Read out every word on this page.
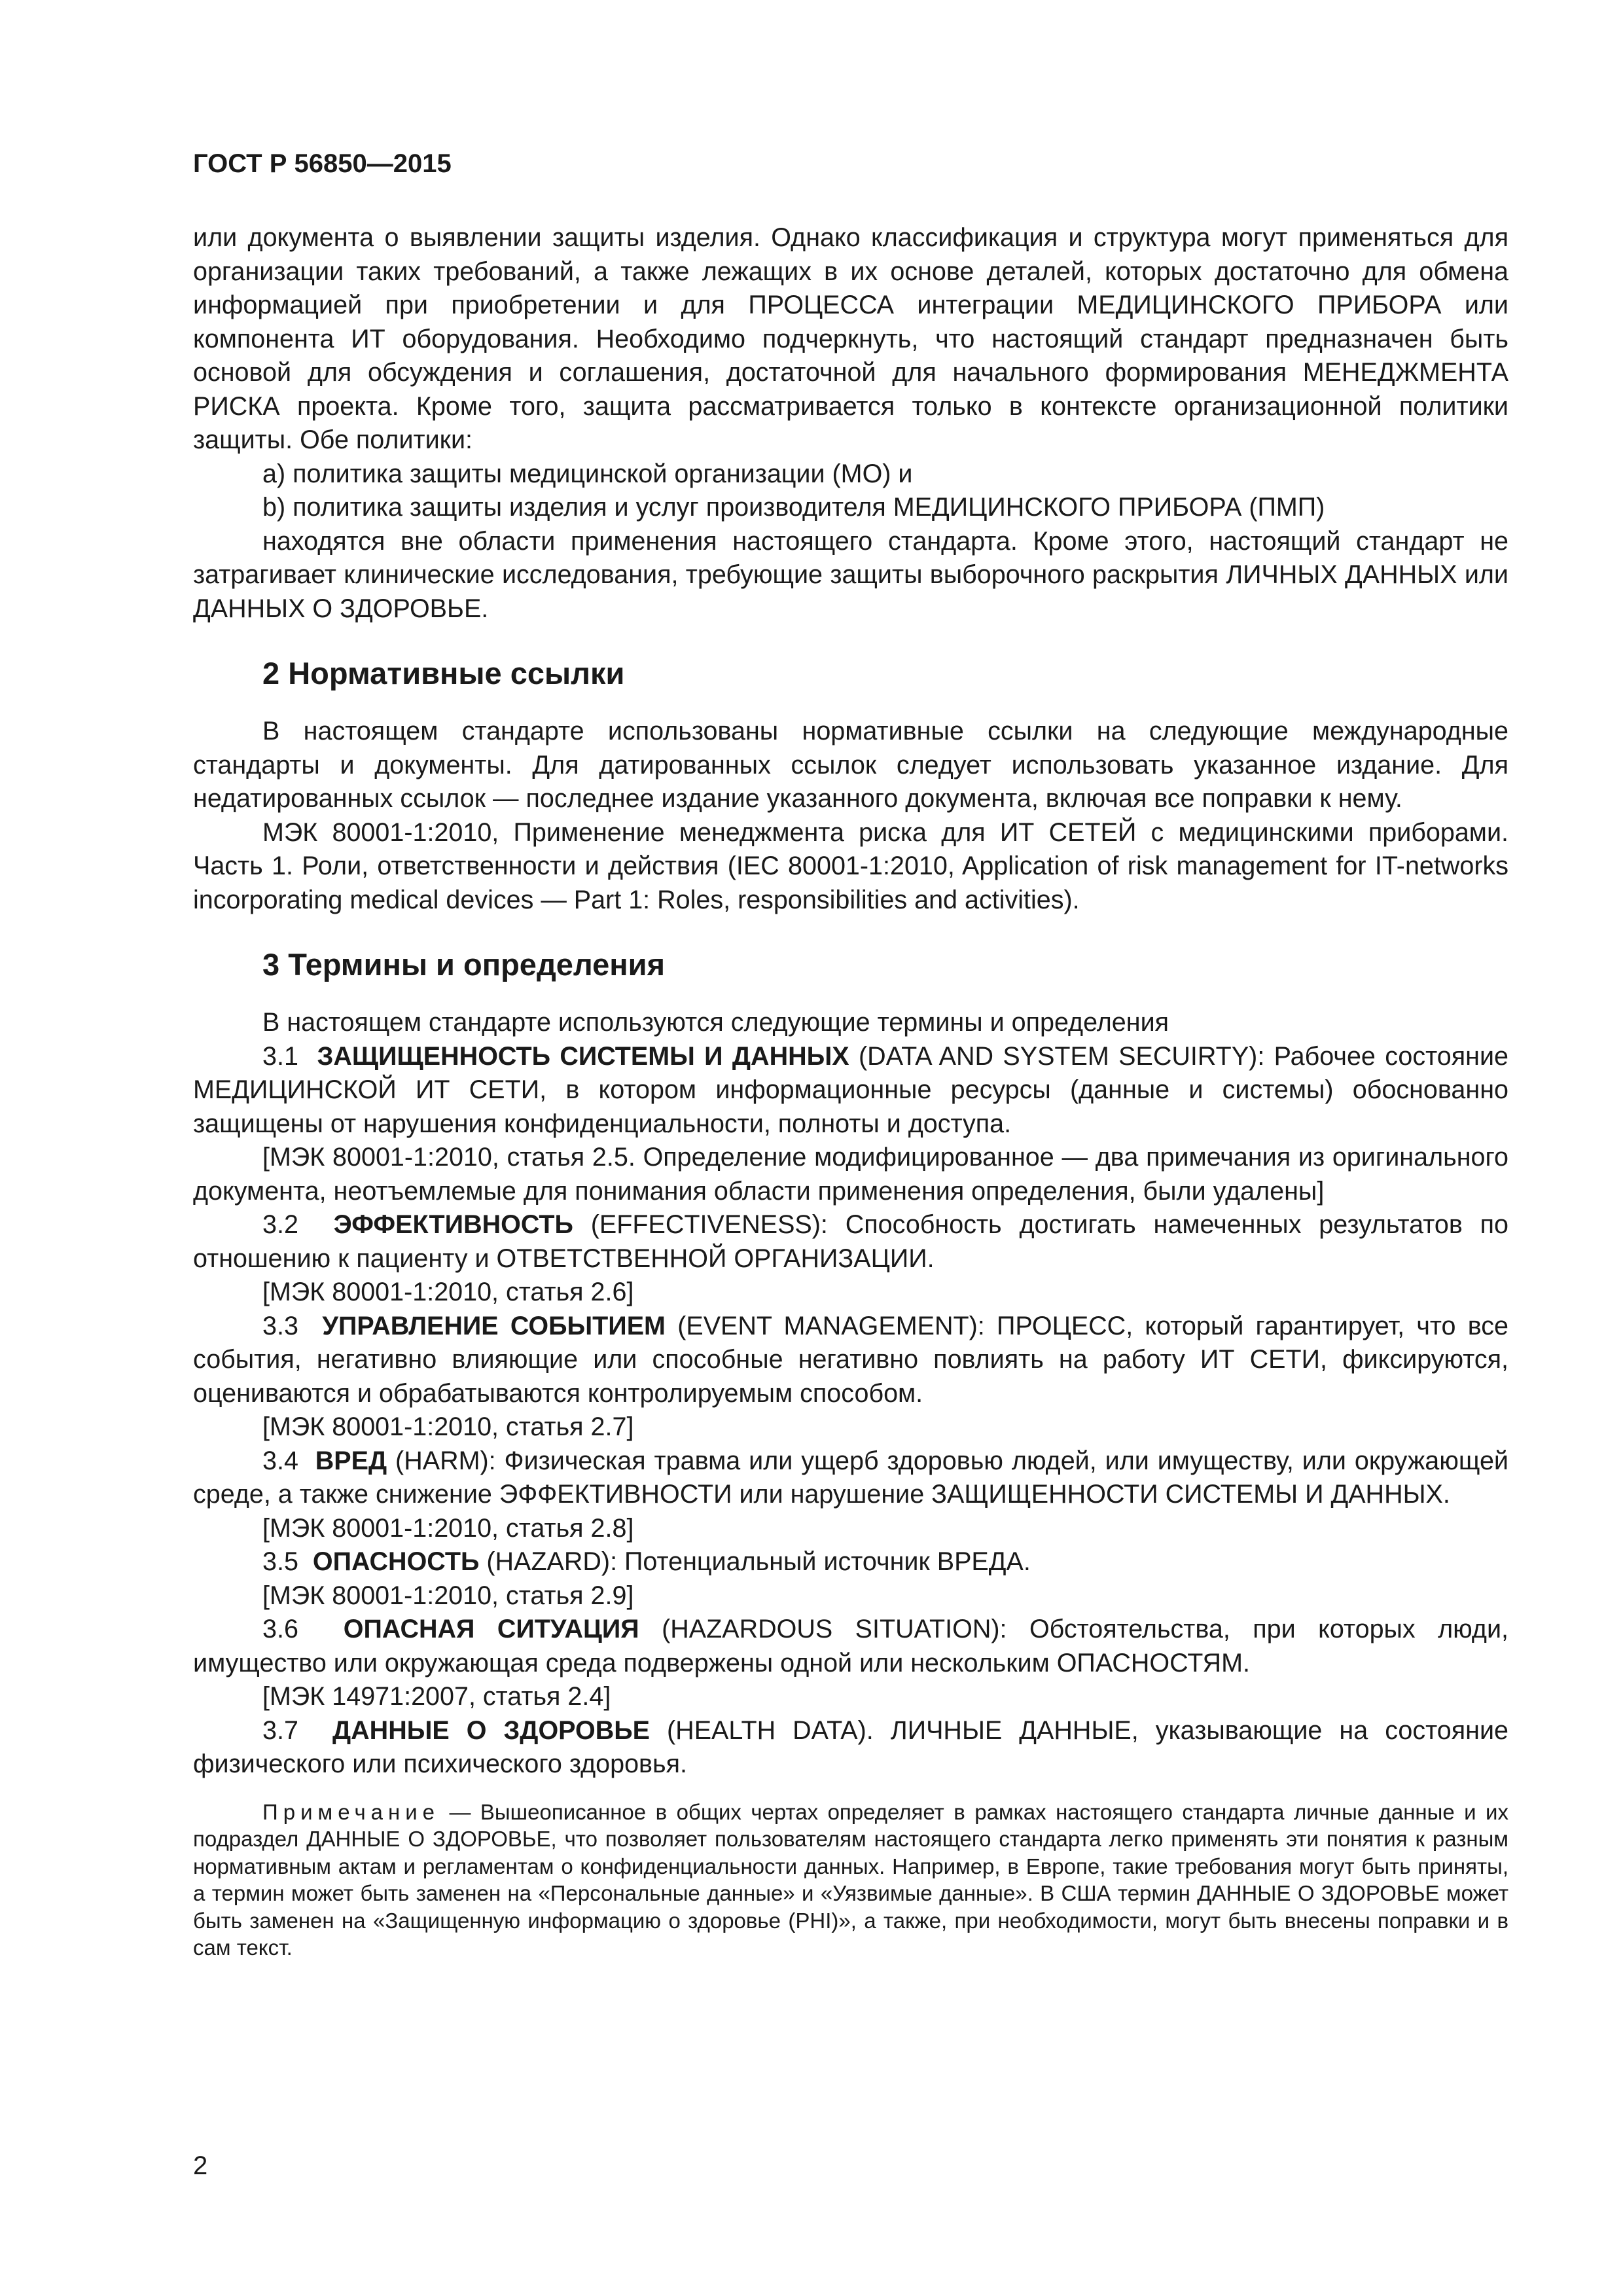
ГОСТ Р 56850—2015
или документа о выявлении защиты изделия. Однако классификация и структура могут применяться для организации таких требований, а также лежащих в их основе деталей, которых достаточно для обмена информацией при приобретении и для ПРОЦЕССА интеграции МЕДИЦИНСКОГО ПРИБОРА или компонента ИТ оборудования. Необходимо подчеркнуть, что настоящий стандарт предназначен быть основой для обсуждения и соглашения, достаточной для начального формирования МЕНЕДЖМЕНТА РИСКА проекта. Кроме того, защита рассматривается только в контексте организационной политики защиты. Обе политики:
a) политика защиты медицинской организации (МО) и
b) политика защиты изделия и услуг производителя МЕДИЦИНСКОГО ПРИБОРА (ПМП)
находятся вне области применения настоящего стандарта. Кроме этого, настоящий стандарт не затрагивает клинические исследования, требующие защиты выборочного раскрытия ЛИЧНЫХ ДАННЫХ или ДАННЫХ О ЗДОРОВЬЕ.
2 Нормативные ссылки
В настоящем стандарте использованы нормативные ссылки на следующие международные стандарты и документы. Для датированных ссылок следует использовать указанное издание. Для недатированных ссылок — последнее издание указанного документа, включая все поправки к нему.
МЭК 80001-1:2010, Применение менеджмента риска для ИТ СЕТЕЙ с медицинскими приборами. Часть 1. Роли, ответственности и действия (IEC 80001-1:2010, Application of risk management for IT-networks incorporating medical devices — Part 1: Roles, responsibilities and activities).
3 Термины и определения
В настоящем стандарте используются следующие термины и определения
3.1 ЗАЩИЩЕННОСТЬ СИСТЕМЫ И ДАННЫХ (DATA AND SYSTEM SECUIRTY): Рабочее состояние МЕДИЦИНСКОЙ ИТ СЕТИ, в котором информационные ресурсы (данные и системы) обоснованно защищены от нарушения конфиденциальности, полноты и доступа.
[МЭК 80001-1:2010, статья 2.5. Определение модифицированное — два примечания из оригинального документа, неотъемлемые для понимания области применения определения, были удалены]
3.2 ЭФФЕКТИВНОСТЬ (EFFECTIVENESS): Способность достигать намеченных результатов по отношению к пациенту и ОТВЕТСТВЕННОЙ ОРГАНИЗАЦИИ.
[МЭК 80001-1:2010, статья 2.6]
3.3 УПРАВЛЕНИЕ СОБЫТИЕМ (EVENT MANAGEMENT): ПРОЦЕСС, который гарантирует, что все события, негативно влияющие или способные негативно повлиять на работу ИТ СЕТИ, фиксируются, оцениваются и обрабатываются контролируемым способом.
[МЭК 80001-1:2010, статья 2.7]
3.4 ВРЕД (HARM): Физическая травма или ущерб здоровью людей, или имуществу, или окружающей среде, а также снижение ЭФФЕКТИВНОСТИ или нарушение ЗАЩИЩЕННОСТИ СИСТЕМЫ И ДАННЫХ.
[МЭК 80001-1:2010, статья 2.8]
3.5 ОПАСНОСТЬ (HAZARD): Потенциальный источник ВРЕДА.
[МЭК 80001-1:2010, статья 2.9]
3.6 ОПАСНАЯ СИТУАЦИЯ (HAZARDOUS SITUATION): Обстоятельства, при которых люди, имущество или окружающая среда подвержены одной или нескольким ОПАСНОСТЯМ.
[МЭК 14971:2007, статья 2.4]
3.7 ДАННЫЕ О ЗДОРОВЬЕ (HEALTH DATA). ЛИЧНЫЕ ДАННЫЕ, указывающие на состояние физического или психического здоровья.
Примечание — Вышеописанное в общих чертах определяет в рамках настоящего стандарта личные данные и их подраздел ДАННЫЕ О ЗДОРОВЬЕ, что позволяет пользователям настоящего стандарта легко применять эти понятия к разным нормативным актам и регламентам о конфиденциальности данных. Например, в Европе, такие требования могут быть приняты, а термин может быть заменен на «Персональные данные» и «Уязвимые данные». В США термин ДАННЫЕ О ЗДОРОВЬЕ может быть заменен на «Защищенную информацию о здоровье (PHI)», а также, при необходимости, могут быть внесены поправки и в сам текст.
2
